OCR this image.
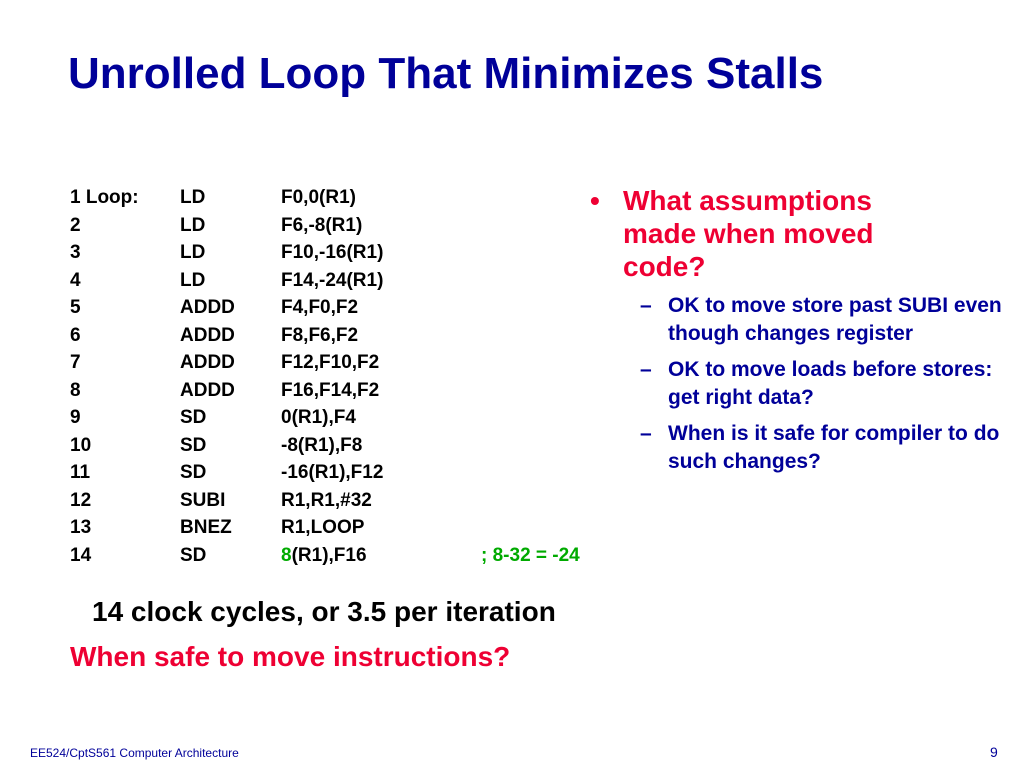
Unrolled Loop That Minimizes Stalls
1 Loop:	LD	F0,0(R1)	
2	LD	F6,-8(R1)	
3	LD	F10,-16(R1)	
4	LD	F14,-24(R1)	
5	ADDD	F4,F0,F2	
6	ADDD	F8,F6,F2	
7	ADDD	F12,F10,F2	
8	ADDD	F16,F14,F2	
9	SD	0(R1),F4	
10	SD	-8(R1),F8	
11	SD	-16(R1),F12	
12	SUBI	R1,R1,#32	
13	BNEZ	R1,LOOP	
14	SD	8(R1),F16	; 8-32 = -24
• What assumptions made when moved code?
– OK to move store past SUBI even though changes register
– OK to move loads before stores: get right data?
– When is it safe for compiler to do such changes?

14 clock cycles, or 3.5 per iteration

When safe to move instructions?

EE524/CptS561 Computer Architecture	9
